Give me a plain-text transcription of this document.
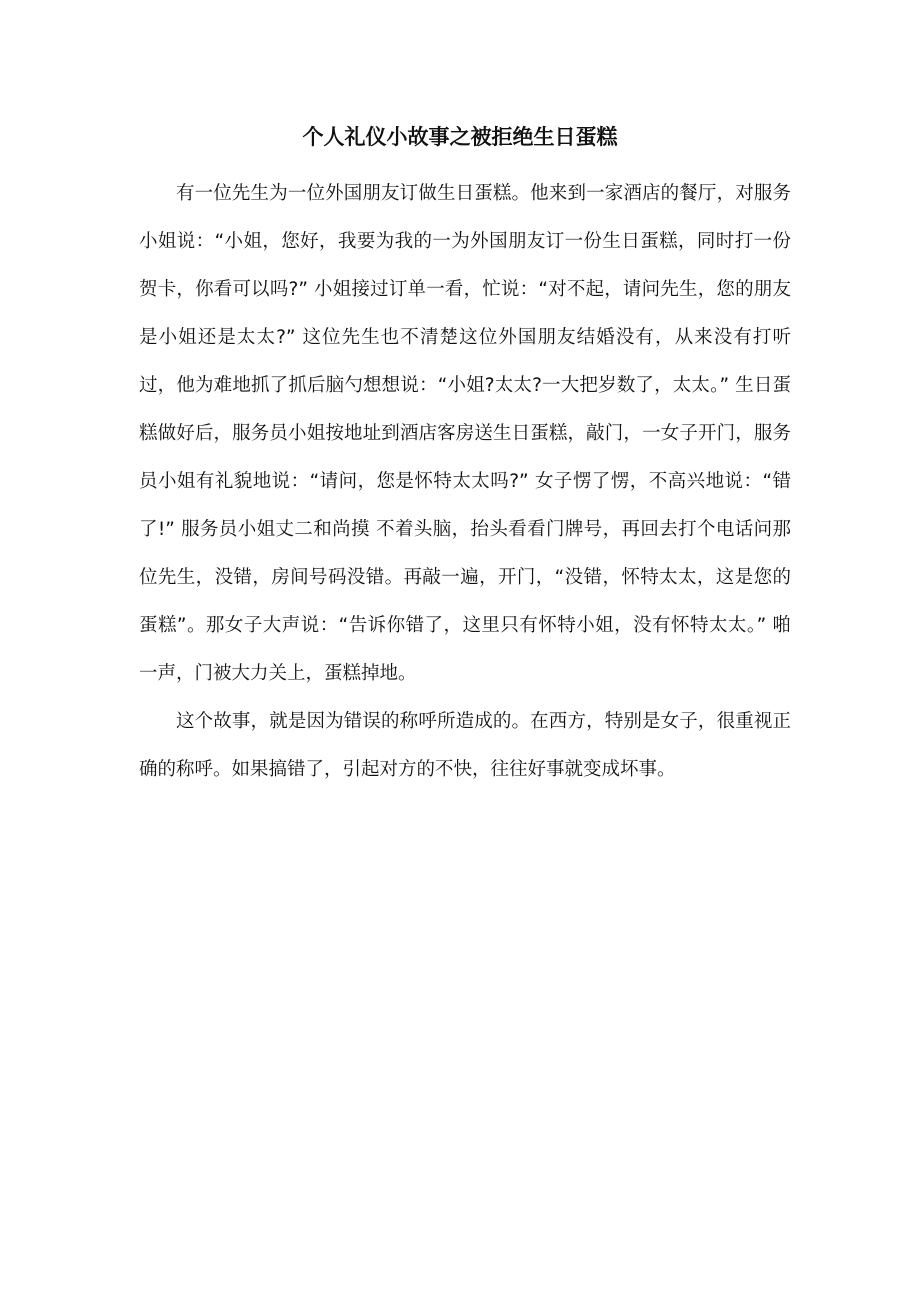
个人礼仪小故事之被拒绝生日蛋糕

有一位先生为一位外国朋友订做生日蛋糕。他来到一家酒店的餐厅，对服务小姐说：“小姐，您好，我要为我的一为外国朋友订一份生日蛋糕，同时打一份贺卡，你看可以吗?” 小姐接过订单一看，忙说：“对不起，请问先生，您的朋友是小姐还是太太?” 这位先生也不清楚这位外国朋友结婚没有，从来没有打听过，他为难地抓了抓后脑勺想想说：“小姐?太太?一大把岁数了，太太。” 生日蛋糕做好后，服务员小姐按地址到酒店客房送生日蛋糕，敲门，一女子开门，服务员小姐有礼貌地说：“请问，您是怀特太太吗?” 女子愣了愣，不高兴地说：“错了!” 服务员小姐丈二和尚摸 不着头脑，抬头看看门牌号，再回去打个电话问那位先生，没错，房间号码没错。再敲一遍，开门，“没错，怀特太太，这是您的蛋糕”。那女子大声说：“告诉你错了，这里只有怀特小姐，没有怀特太太。” 啪一声，门被大力关上，蛋糕掉地。

这个故事，就是因为错误的称呼所造成的。在西方，特别是女子，很重视正确的称呼。如果搞错了，引起对方的不快，往往好事就变成坏事。
